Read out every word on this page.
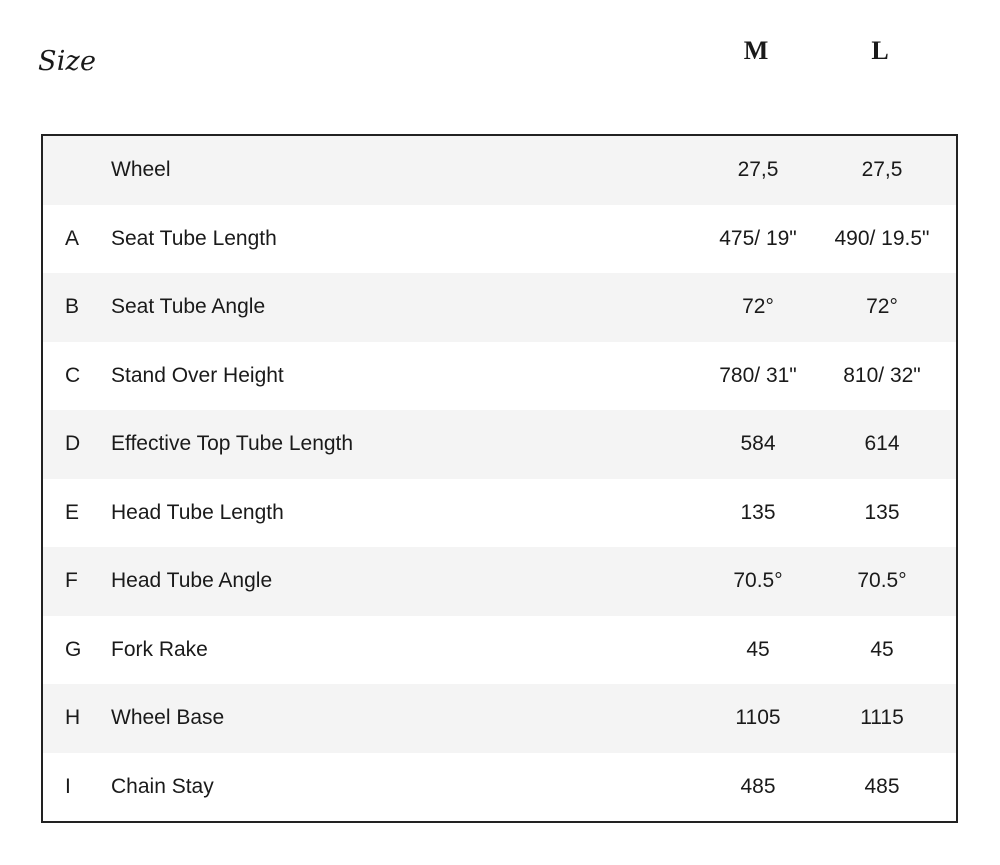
Size	M	L
Wheel	27,5	27,5
A Seat Tube Length	475/ 19"	490/ 19.5"
B Seat Tube Angle	72°	72°
C Stand Over Height	780/ 31"	810/ 32"
D Effective Top Tube Length	584	614
E Head Tube Length	135	135
F Head Tube Angle	70.5°	70.5°
G Fork Rake	45	45
H Wheel Base	1105	1115
I Chain Stay	485	485
